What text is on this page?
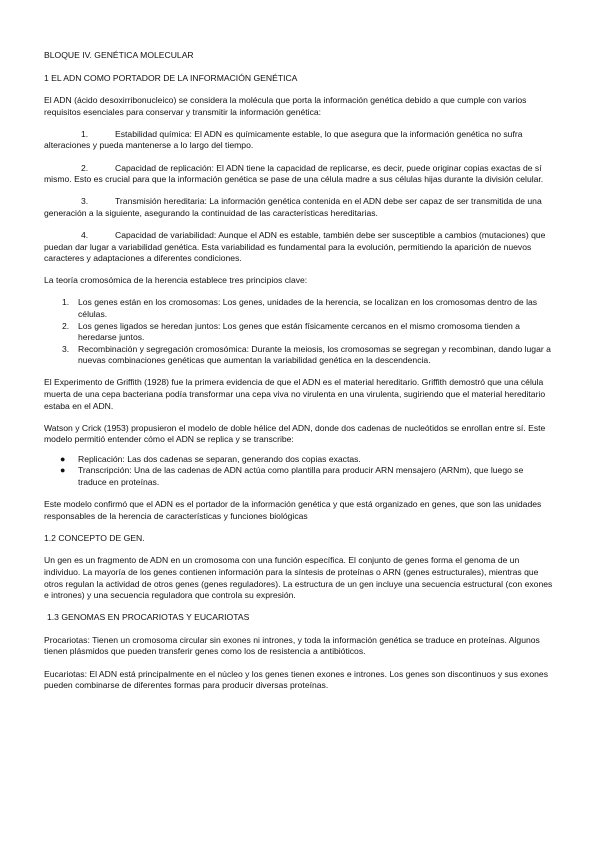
BLOQUE IV. GENÉTICA MOLECULAR

1 EL ADN COMO PORTADOR DE LA INFORMACIÓN GENÉTICA

El ADN (ácido desoxirribonucleico) se considera la molécula que porta la información genética debido a que cumple con varios requisitos esenciales para conservar y transmitir la información genética:

1.	Estabilidad química: El ADN es químicamente estable, lo que asegura que la información genética no sufra alteraciones y pueda mantenerse a lo largo del tiempo.

2.	Capacidad de replicación: El ADN tiene la capacidad de replicarse, es decir, puede originar copias exactas de sí mismo. Esto es crucial para que la información genética se pase de una célula madre a sus células hijas durante la división celular.

3.	Transmisión hereditaria: La información genética contenida en el ADN debe ser capaz de ser transmitida de una generación a la siguiente, asegurando la continuidad de las características hereditarias.

4.	Capacidad de variabilidad: Aunque el ADN es estable, también debe ser susceptible a cambios (mutaciones) que puedan dar lugar a variabilidad genética. Esta variabilidad es fundamental para la evolución, permitiendo la aparición de nuevos caracteres y adaptaciones a diferentes condiciones.

La teoría cromosómica de la herencia establece tres principios clave:

1. Los genes están en los cromosomas: Los genes, unidades de la herencia, se localizan en los cromosomas dentro de las células.
2. Los genes ligados se heredan juntos: Los genes que están físicamente cercanos en el mismo cromosoma tienden a heredarse juntos.
3. Recombinación y segregación cromosómica: Durante la meiosis, los cromosomas se segregan y recombinan, dando lugar a nuevas combinaciones genéticas que aumentan la variabilidad genética en la descendencia.

El Experimento de Griffith (1928) fue la primera evidencia de que el ADN es el material hereditario. Griffith demostró que una célula muerta de una cepa bacteriana podía transformar una cepa viva no virulenta en una virulenta, sugiriendo que el material hereditario estaba en el ADN.

Watson y Crick (1953) propusieron el modelo de doble hélice del ADN, donde dos cadenas de nucleótidos se enrollan entre sí. Este modelo permitió entender cómo el ADN se replica y se transcribe:

● Replicación: Las dos cadenas se separan, generando dos copias exactas.
● Transcripción: Una de las cadenas de ADN actúa como plantilla para producir ARN mensajero (ARNm), que luego se traduce en proteínas.

Este modelo confirmó que el ADN es el portador de la información genética y que está organizado en genes, que son las unidades responsables de la herencia de características y funciones biológicas

1.2 CONCEPTO DE GEN.

Un gen es un fragmento de ADN en un cromosoma con una función específica. El conjunto de genes forma el genoma de un individuo. La mayoría de los genes contienen información para la síntesis de proteínas o ARN (genes estructurales), mientras que otros regulan la actividad de otros genes (genes reguladores). La estructura de un gen incluye una secuencia estructural (con exones e intrones) y una secuencia reguladora que controla su expresión.

1.3 GENOMAS EN PROCARIOTAS Y EUCARIOTAS

Procariotas: Tienen un cromosoma circular sin exones ni intrones, y toda la información genética se traduce en proteínas. Algunos tienen plásmidos que pueden transferir genes como los de resistencia a antibióticos.

Eucariotas: El ADN está principalmente en el núcleo y los genes tienen exones e intrones. Los genes son discontinuos y sus exones pueden combinarse de diferentes formas para producir diversas proteínas.
